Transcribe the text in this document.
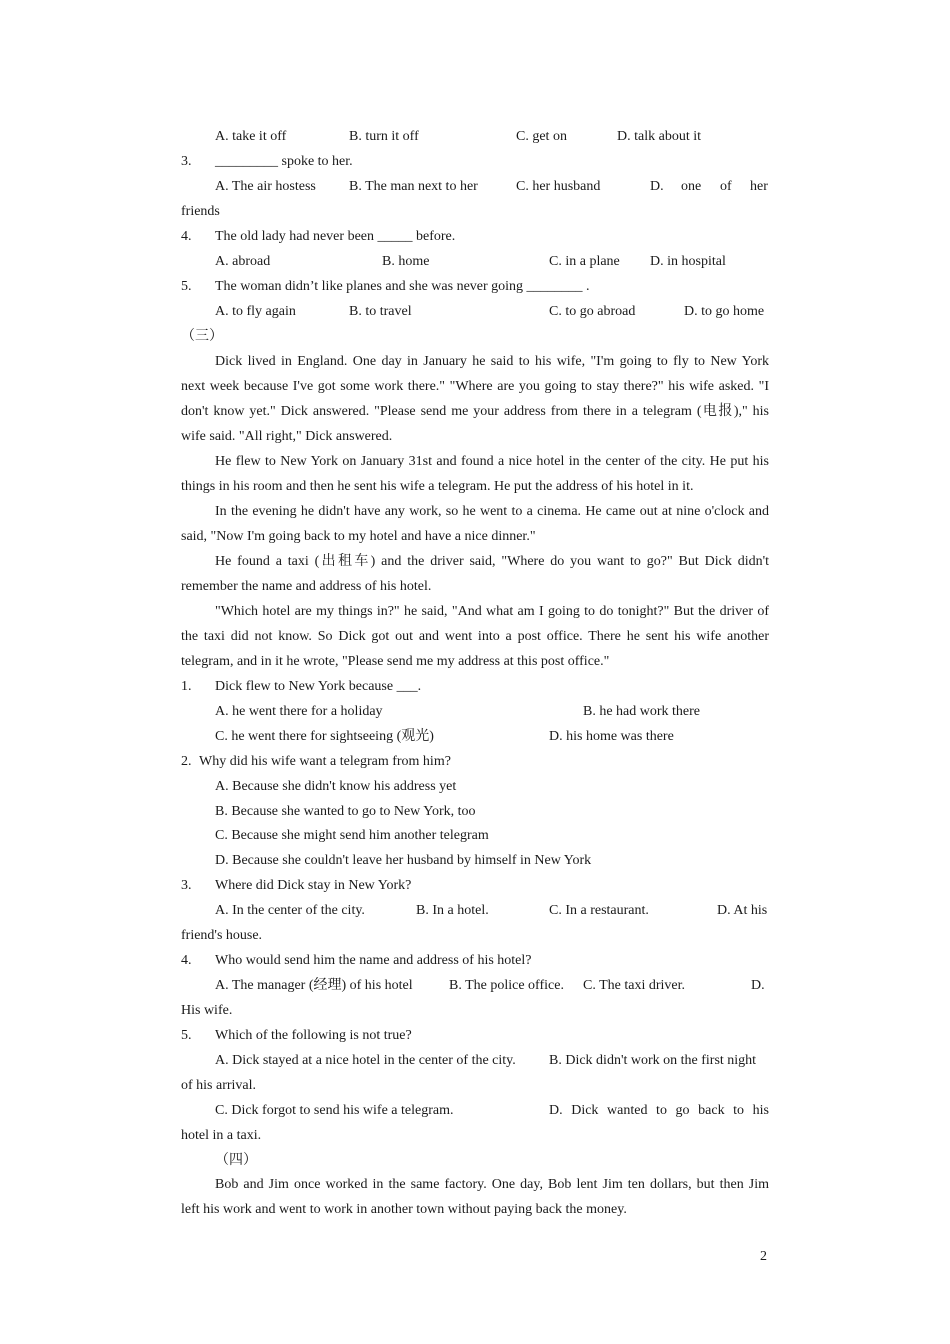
A. take it off	B. turn it off	C. get on	D. talk about it
3. _________ spoke to her.
A. The air hostess B. The man next to her	C. her husband	D. one of her
friends
4. The old lady had never been _____ before.
A. abroad	B. home	C. in a plane D. in hospital
5. The woman didn’t like planes and she was never going ________ .
A. to fly again	B. to travel	C. to go abroad	D. to go home
（三）
Dick lived in England. One day in January he said to his wife, "I'm going to fly to New York
next week because I've got some work there." "Where are you going to stay there?" his wife asked. "I
don't know yet." Dick answered. "Please send me your address from there in a telegram (电报)," his
wife said. "All right," Dick answered.
He flew to New York on January 31st and found a nice hotel in the center of the city. He put his
things in his room and then he sent his wife a telegram. He put the address of his hotel in it.
In the evening he didn't have any work, so he went to a cinema. He came out at nine o'clock and
said, "Now I'm going back to my hotel and have a nice dinner."
He found a taxi (出租车) and the driver said, "Where do you want to go?" But Dick didn't
remember the name and address of his hotel.
"Which hotel are my things in?" he said, "And what am I going to do tonight?" But the driver of
the taxi did not know. So Dick got out and went into a post office. There he sent his wife another
telegram, and in it he wrote, "Please send me my address at this post office."
1. Dick flew to New York because ___.
A. he went there for a holiday	B. he had work there
C. he went there for sightseeing (观光)	D. his home was there
2. Why did his wife want a telegram from him?
A. Because she didn't know his address yet
B. Because she wanted to go to New York, too
C. Because she might send him another telegram
D. Because she couldn't leave her husband by himself in New York
3. Where did Dick stay in New York?
A. In the center of the city.	B. In a hotel.	C. In a restaurant.	D. At his
friend's house.
4. Who would send him the name and address of his hotel?
A. The manager (经理) of his hotel	B. The police office. C. The taxi driver.	D.
His wife.
5. Which of the following is not true?
A. Dick stayed at a nice hotel in the center of the city. B. Dick didn't work on the first night
of his arrival.
C. Dick forgot to send his wife a telegram.	D. Dick wanted to go back to his
hotel in a taxi.
（四）
Bob and Jim once worked in the same factory. One day, Bob lent Jim ten dollars, but then Jim
left his work and went to work in another town without paying back the money.
2
